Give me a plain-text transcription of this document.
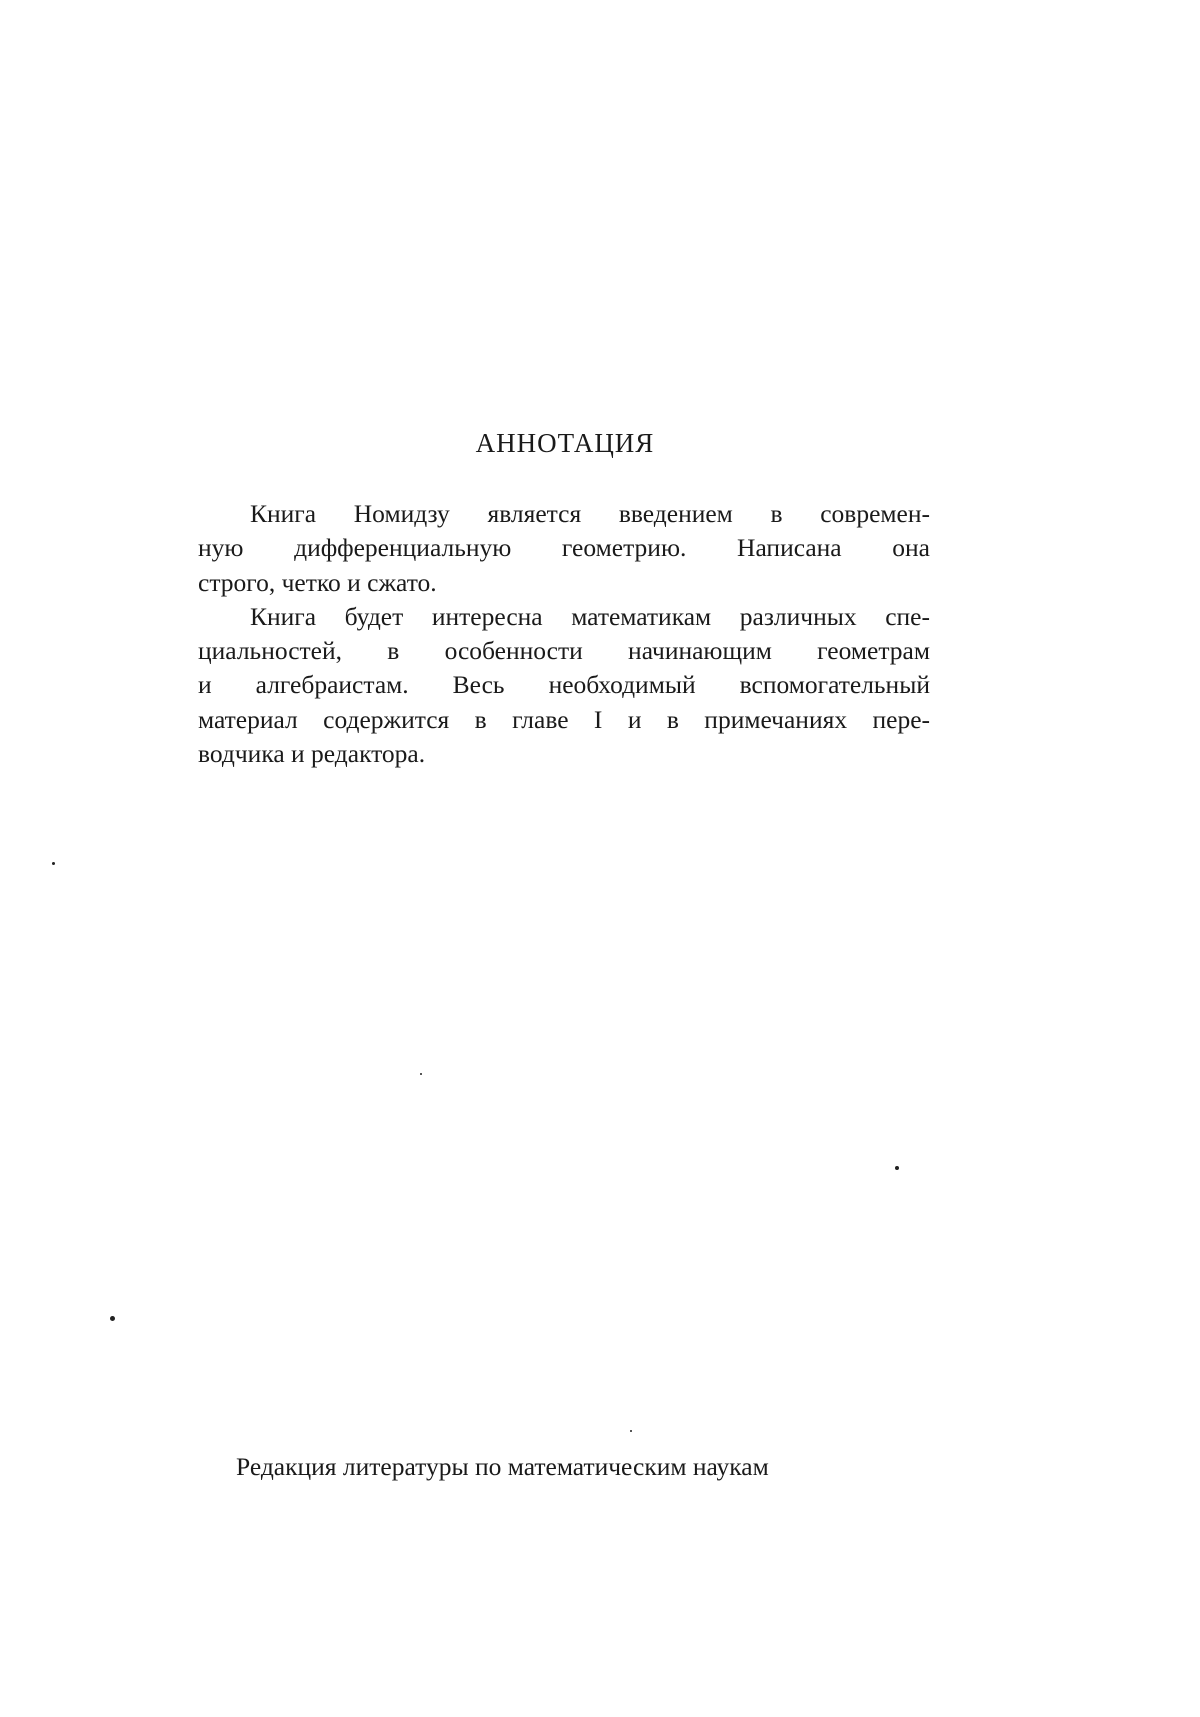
АННОТАЦИЯ
Книга Номидзу является введением в современ-
ную дифференциальную геометрию. Написана она
строго, четко и сжато.
Книга будет интересна математикам различных спе-
циальностей, в особенности начинающим геометрам
и алгебраистам. Весь необходимый вспомогательный
материал содержится в главе I и в примечаниях пере-
водчика и редактора.
Редакция литературы по математическим наукам
